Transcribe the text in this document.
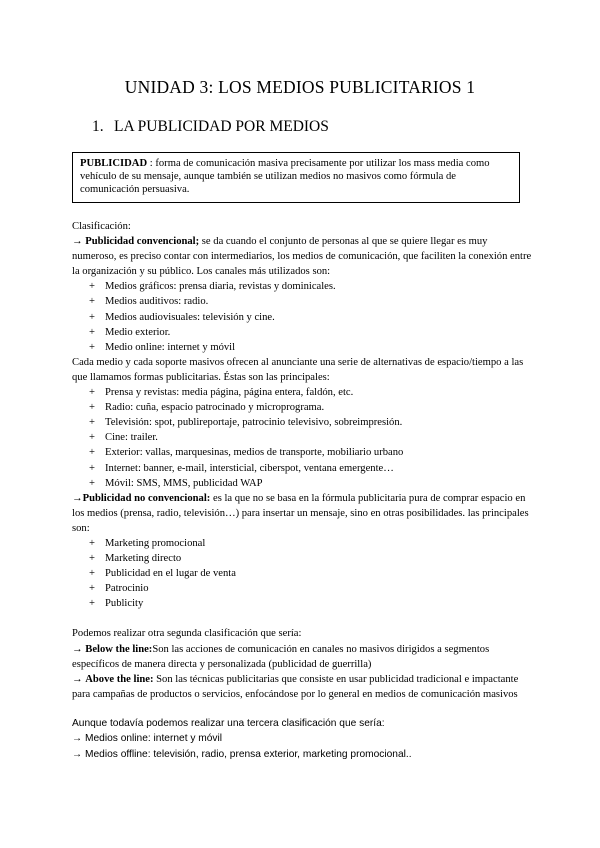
UNIDAD 3: LOS MEDIOS PUBLICITARIOS 1
1. LA PUBLICIDAD POR MEDIOS
PUBLICIDAD : forma de comunicación masiva precisamente por utilizar los mass media como vehículo de su mensaje, aunque también se utilizan medios no masivos como fórmula de comunicación persuasiva.

Clasificación:

→ Publicidad convencional; se da cuando el conjunto de personas al que se quiere llegar es muy numeroso, es preciso contar con intermediarios, los medios de comunicación, que faciliten la conexión entre la organización y su público. Los canales más utilizados son:

+ Medios gráficos: prensa diaria, revistas y dominicales.
+ Medios auditivos: radio.
+ Medios audiovisuales: televisión y cine.
+ Medio exterior.
+ Medio online: internet y móvil

Cada medio y cada soporte masivos ofrecen al anunciante una serie de alternativas de espacio/tiempo a las que llamamos formas publicitarias. Éstas son las principales:

+ Prensa y revistas: media página, página entera, faldón, etc.
+ Radio: cuña, espacio patrocinado y microprograma.
+ Televisión: spot, publireportaje, patrocinio televisivo, sobreimpresión.
+ Cine: trailer.
+ Exterior: vallas, marquesinas, medios de transporte, mobiliario urbano
+ Internet: banner, e-mail, intersticial, ciberspot, ventana emergente…
+ Móvil: SMS, MMS, publicidad WAP

→Publicidad no convencional: es la que no se basa en la fórmula publicitaria pura de comprar espacio en los medios (prensa, radio, televisión…) para insertar un mensaje, sino en otras posibilidades. las principales son:

+ Marketing promocional
+ Marketing directo
+ Publicidad en el lugar de venta
+ Patrocinio
+ Publicity

Podemos realizar otra segunda clasificación que sería:

→ Below the line:Son las acciones de comunicación en canales no masivos dirigidos a segmentos específicos de manera directa y personalizada (publicidad de guerrilla)

→ Above the line: Son las técnicas publicitarias que consiste en usar publicidad tradicional e impactante para campañas de productos o servicios, enfocándose por lo general en medios de comunicación masivos

Aunque todavía podemos realizar una tercera clasificación que sería:

→ Medios online: internet y móvil

→ Medios offline: televisión, radio, prensa exterior, marketing promocional..
